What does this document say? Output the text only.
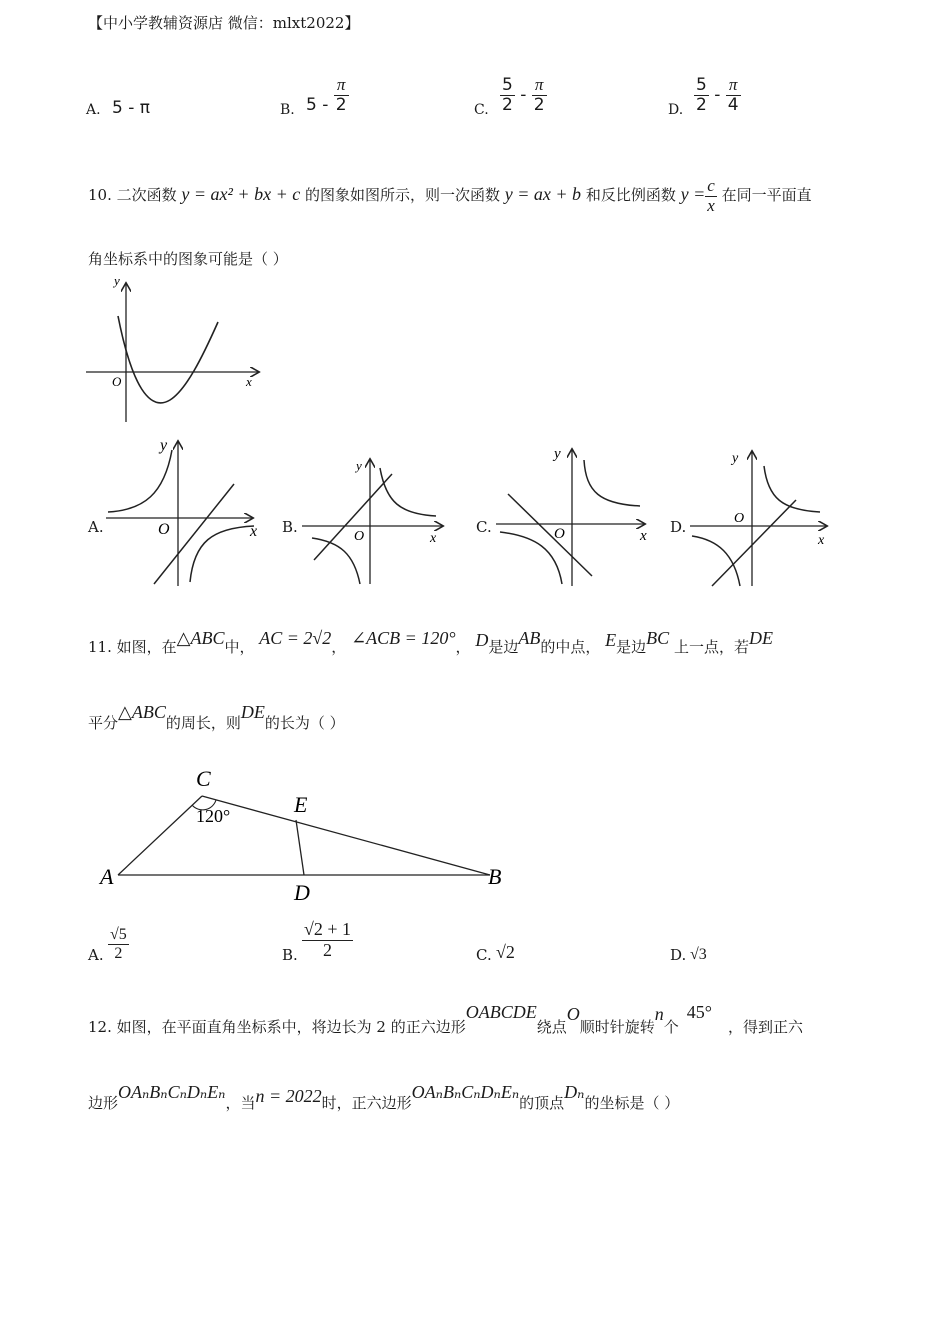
【中小学教辅资源店 微信：mlxt2022】
A. 5 - π	B. $5 - \frac{\pi}{2}$	C. $\frac{5}{2} - \frac{\pi}{2}$	D. $\frac{5}{2} - \frac{\pi}{4}$
10. 二次函数 y = ax² + bx + c 的图象如图所示，则一次函数 y = ax + b 和反比例函数 $y = \frac{c}{x}$ 在同一平面直
角坐标系中的图象可能是（ ）
y
x
O
A.
y
x
O	B.
y
x
O
C.
y
x
O	D.
y
x
O
11. 如图，在△ABC中， AC = 2√2， ∠ACB = 120°， D是边AB的中点， E是边BC 上一点，若DE
平分△ABC的周长，则DE的长为（ ）
C
E
A
D
B
120°
A. $\frac{√5}{2}$	B. $\frac{√2 + 1}{2}$	C. √2	D. √3
12. 如图，在平面直角坐标系中，将边长为 2 的正六边形OABCDE绕点O顺时针旋转n个45°，得到正六
边形OAₙBₙCₙDₙEₙ，当n = 2022时，正六边形OAₙBₙCₙDₙEₙ的顶点Dₙ的坐标是（ ）
